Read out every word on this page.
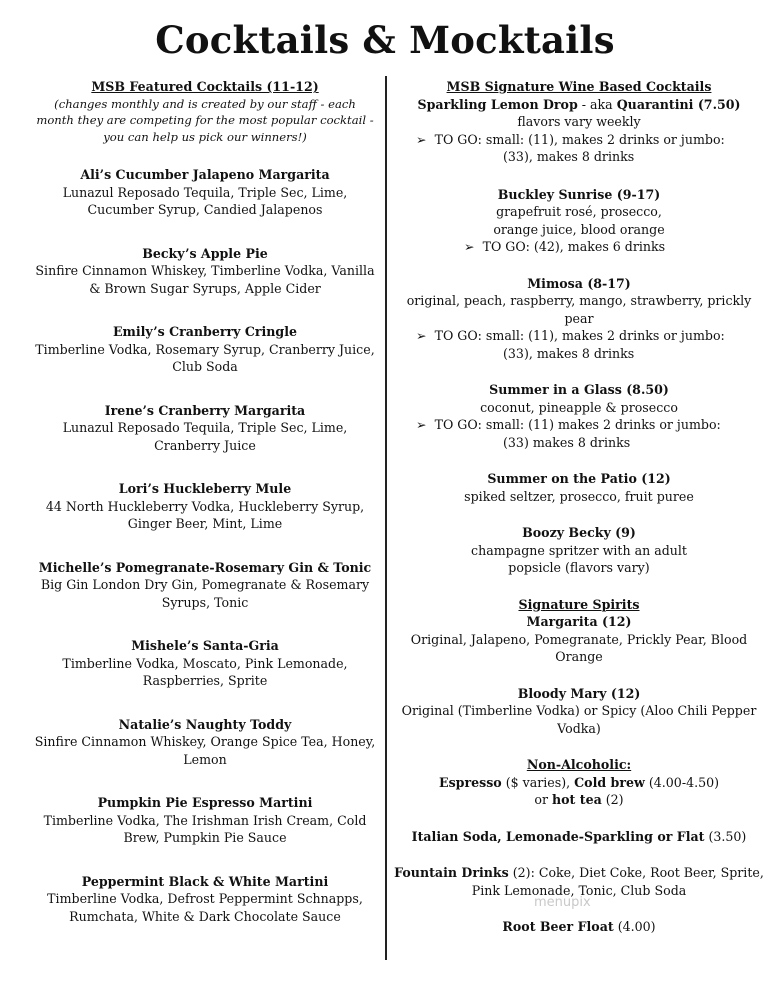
Cocktails & Mocktails
MSB Featured Cocktails (11-12)
(changes monthly and is created by our staff - each month they are competing for the most popular cocktail - you can help us pick our winners!)
Ali’s Cucumber Jalapeno Margarita
Lunazul Reposado Tequila, Triple Sec, Lime, Cucumber Syrup, Candied Jalapenos
Becky’s Apple Pie
Sinfire Cinnamon Whiskey, Timberline Vodka, Vanilla & Brown Sugar Syrups, Apple Cider
Emily’s Cranberry Cringle
Timberline Vodka, Rosemary Syrup, Cranberry Juice, Club Soda
Irene’s Cranberry Margarita
Lunazul Reposado Tequila, Triple Sec, Lime, Cranberry Juice
Lori’s Huckleberry Mule
44 North Huckleberry Vodka, Huckleberry Syrup, Ginger Beer, Mint, Lime
Michelle’s Pomegranate-Rosemary Gin & Tonic
Big Gin London Dry Gin, Pomegranate & Rosemary Syrups, Tonic
Mishele’s Santa-Gria
Timberline Vodka, Moscato, Pink Lemonade, Raspberries, Sprite
Natalie’s Naughty Toddy
Sinfire Cinnamon Whiskey, Orange Spice Tea, Honey, Lemon
Pumpkin Pie Espresso Martini
Timberline Vodka, The Irishman Irish Cream, Cold Brew, Pumpkin Pie Sauce
Peppermint Black & White Martini
Timberline Vodka, Defrost Peppermint Schnapps, Rumchata, White & Dark Chocolate Sauce
MSB Signature Wine Based Cocktails
Sparkling Lemon Drop - aka Quarantini (7.50)
flavors vary weekly
➢ TO GO: small: (11), makes 2 drinks or jumbo:
(33), makes 8 drinks
Buckley Sunrise (9-17)
grapefruit rosé, prosecco, orange juice, blood orange
➢ TO GO: (42), makes 6 drinks
Mimosa (8-17)
original, peach, raspberry, mango, strawberry, prickly pear
➢ TO GO: small: (11), makes 2 drinks or jumbo:
(33), makes 8 drinks
Summer in a Glass (8.50)
coconut, pineapple & prosecco
➢ TO GO: small: (11) makes 2 drinks or jumbo:
(33) makes 8 drinks
Summer on the Patio (12)
spiked seltzer, prosecco, fruit puree
Boozy Becky (9)
champagne spritzer with an adult popsicle (flavors vary)
Signature Spirits
Margarita (12)
Original, Jalapeno, Pomegranate, Prickly Pear, Blood Orange
Bloody Mary (12)
Original (Timberline Vodka) or Spicy (Aloo Chili Pepper Vodka)
Non-Alcoholic:
Espresso ($ varies), Cold brew (4.00-4.50)
or hot tea (2)
Italian Soda, Lemonade-Sparkling or Flat (3.50)
Fountain Drinks (2): Coke, Diet Coke, Root Beer, Sprite, Pink Lemonade, Tonic, Club Soda
Root Beer Float (4.00)
menupix
